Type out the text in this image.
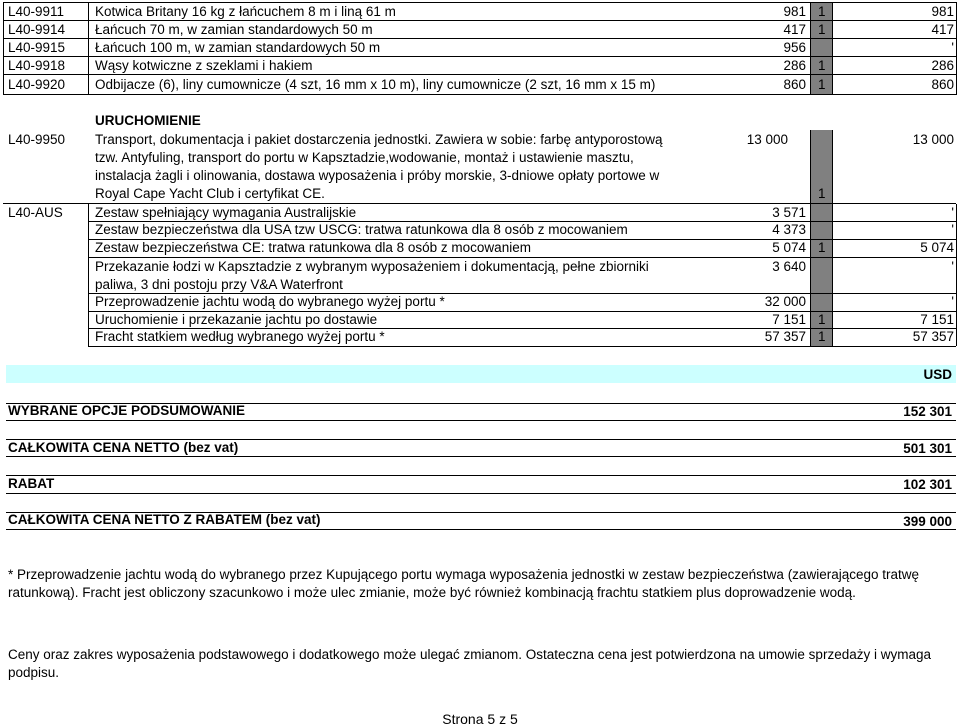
L40-9911 Kotwica Britany 16 kg z łańcuchem 8 m i liną 61 m	981 1	981
L40-9914 Łańcuch 70 m, w zamian standardowych 50 m	417 1	417
L40-9915 Łańcuch 100 m, w zamian standardowych 50 m	956	'
L40-9918 Wąsy kotwiczne z szeklami i hakiem	286 1	286
L40-9920 Odbijacze (6), liny cumownicze (4 szt, 16 mm x 10 m), liny cumownicze (2 szt, 16 mm x 15 m)	860 1	860
URUCHOMIENIE
L40-9950 Transport, dokumentacja i pakiet dostarczenia jednostki. Zawiera w sobie: farbę antyporostową	13 000	13 000
tzw. Antyfuling, transport do portu w Kapsztadzie,wodowanie, montaż i ustawienie masztu,
instalacja żagli i olinowania, dostawa wyposażenia i próby morskie, 3-dniowe opłaty portowe w
Royal Cape Yacht Club i certyfikat CE.	1
L40-AUS Zestaw spełniający wymagania Australijskie	3 571	'
Zestaw bezpieczeństwa dla USA tzw USCG: tratwa ratunkowa dla 8 osób z mocowaniem	4 373	'
Zestaw bezpieczeństwa CE: tratwa ratunkowa dla 8 osób z mocowaniem	5 074 1	5 074
Przekazanie łodzi w Kapsztadzie z wybranym wyposażeniem i dokumentacją, pełne zbiorniki	3 640	'
paliwa, 3 dni postoju przy V&A Waterfront
Przeprowadzenie jachtu wodą do wybranego wyżej portu *	32 000	'
Uruchomienie i przekazanie jachtu po dostawie	7 151 1	7 151
Fracht statkiem według wybranego wyżej portu *	57 357 1	57 357
USD
WYBRANE OPCJE PODSUMOWANIE	152 301
CAŁKOWITA CENA NETTO (bez vat)	501 301
RABAT	102 301
CAŁKOWITA CENA NETTO Z RABATEM (bez vat)	399 000
* Przeprowadzenie jachtu wodą do wybranego przez Kupującego portu wymaga wyposażenia jednostki w zestaw bezpieczeństwa (zawierającego tratwę ratunkową). Fracht jest obliczony szacunkowo i może ulec zmianie, może być również kombinacją frachtu statkiem plus doprowadzenie wodą.
Ceny oraz zakres wyposażenia podstawowego i dodatkowego może ulegać zmianom. Ostateczna cena jest potwierdzona na umowie sprzedaży i wymaga podpisu.
Strona 5 z 5
